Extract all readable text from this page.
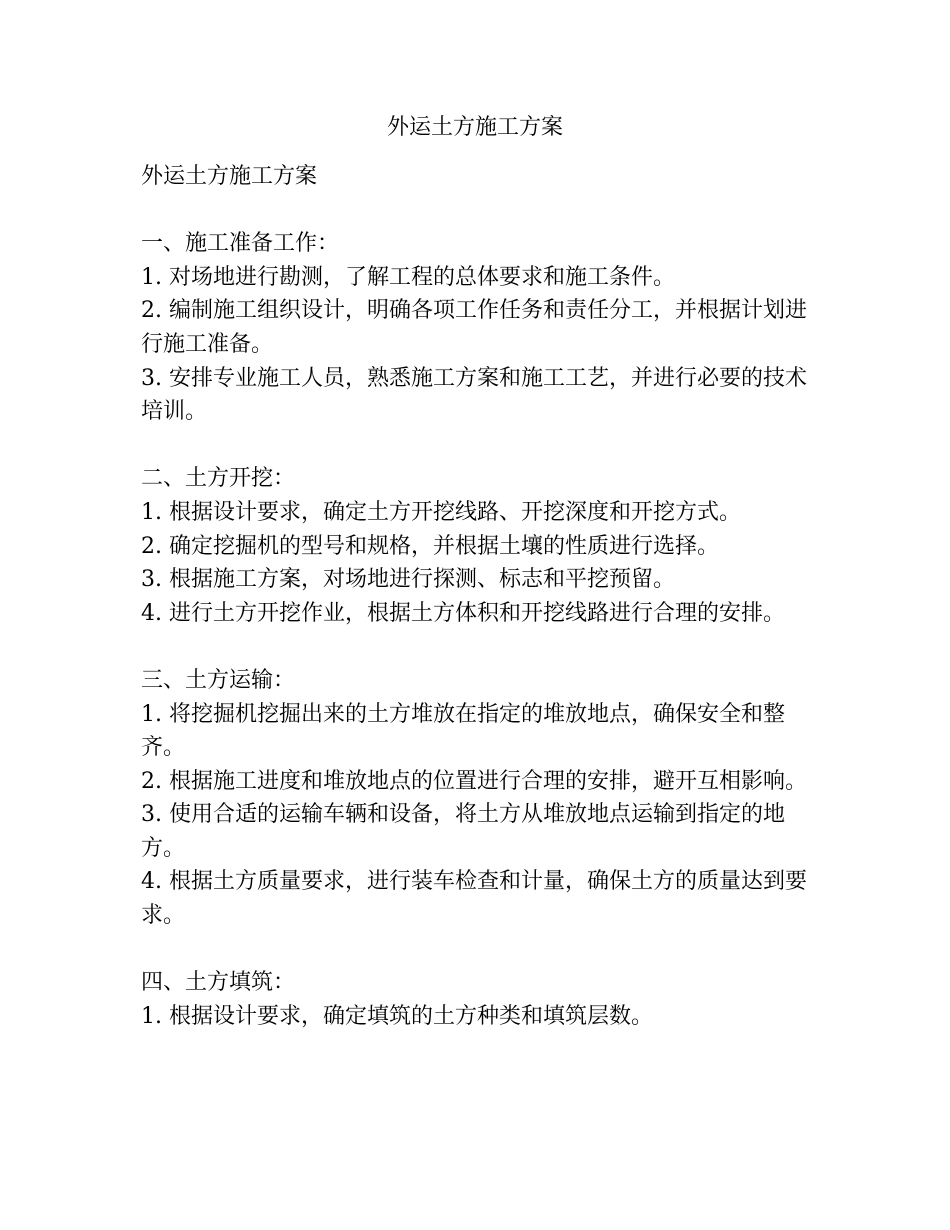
外运土方施工方案

外运土方施工方案

一、施工准备工作：

1. 对场地进行勘测，了解工程的总体要求和施工条件。

2. 编制施工组织设计，明确各项工作任务和责任分工，并根据计划进行施工准备。

3. 安排专业施工人员，熟悉施工方案和施工工艺，并进行必要的技术培训。

二、土方开挖：

1. 根据设计要求，确定土方开挖线路、开挖深度和开挖方式。

2. 确定挖掘机的型号和规格，并根据土壤的性质进行选择。

3. 根据施工方案，对场地进行探测、标志和平挖预留。

4. 进行土方开挖作业，根据土方体积和开挖线路进行合理的安排。

三、土方运输：

1. 将挖掘机挖掘出来的土方堆放在指定的堆放地点，确保安全和整齐。

2. 根据施工进度和堆放地点的位置进行合理的安排，避开互相影响。

3. 使用合适的运输车辆和设备，将土方从堆放地点运输到指定的地方。

4. 根据土方质量要求，进行装车检查和计量，确保土方的质量达到要求。

四、土方填筑：

1. 根据设计要求，确定填筑的土方种类和填筑层数。
